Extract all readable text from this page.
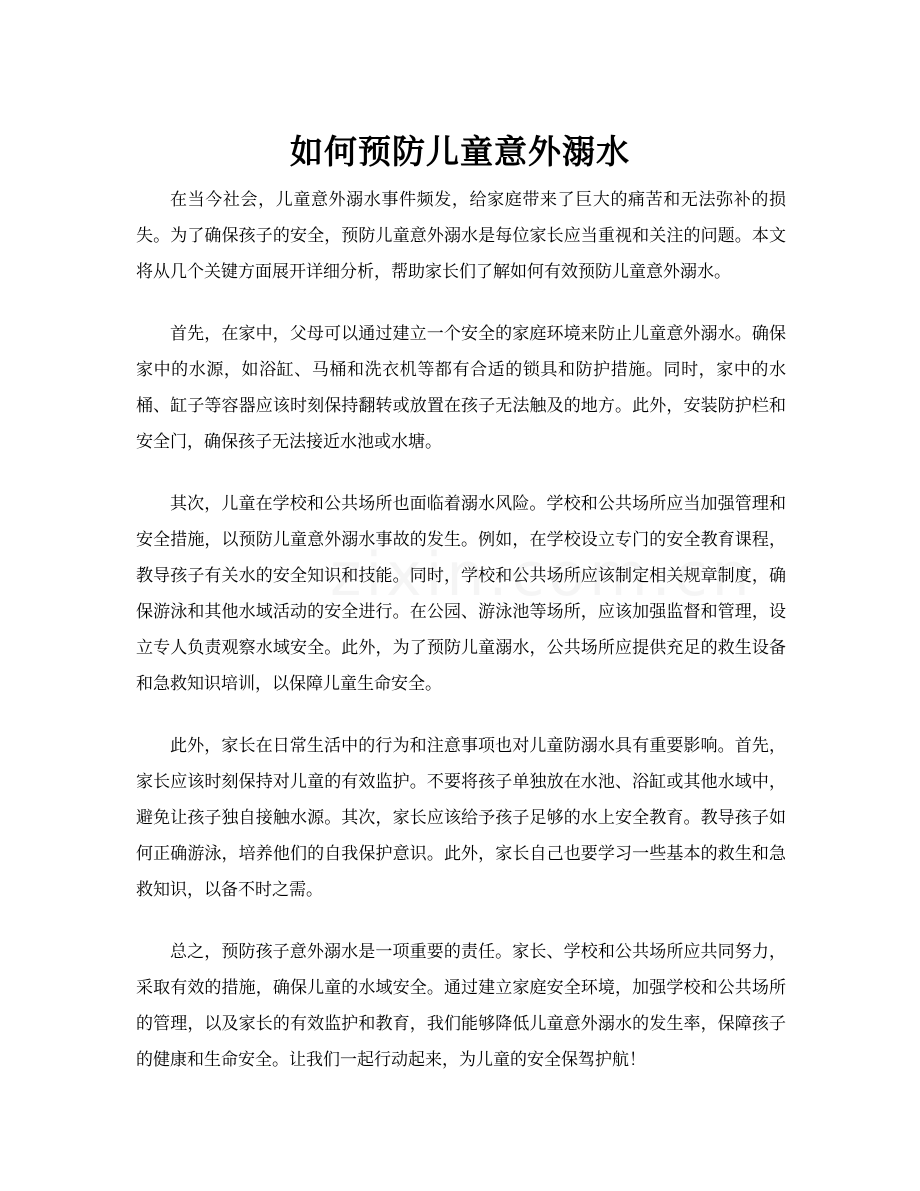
如何预防儿童意外溺水

在当今社会，儿童意外溺水事件频发，给家庭带来了巨大的痛苦和无法弥补的损失。为了确保孩子的安全，预防儿童意外溺水是每位家长应当重视和关注的问题。本文将从几个关键方面展开详细分析，帮助家长们了解如何有效预防儿童意外溺水。

首先，在家中，父母可以通过建立一个安全的家庭环境来防止儿童意外溺水。确保家中的水源，如浴缸、马桶和洗衣机等都有合适的锁具和防护措施。同时，家中的水桶、缸子等容器应该时刻保持翻转或放置在孩子无法触及的地方。此外，安装防护栏和安全门，确保孩子无法接近水池或水塘。

其次，儿童在学校和公共场所也面临着溺水风险。学校和公共场所应当加强管理和安全措施，以预防儿童意外溺水事故的发生。例如，在学校设立专门的安全教育课程，教导孩子有关水的安全知识和技能。同时，学校和公共场所应该制定相关规章制度，确保游泳和其他水域活动的安全进行。在公园、游泳池等场所，应该加强监督和管理，设立专人负责观察水域安全。此外，为了预防儿童溺水，公共场所应提供充足的救生设备和急救知识培训，以保障儿童生命安全。

此外，家长在日常生活中的行为和注意事项也对儿童防溺水具有重要影响。首先，家长应该时刻保持对儿童的有效监护。不要将孩子单独放在水池、浴缸或其他水域中，避免让孩子独自接触水源。其次，家长应该给予孩子足够的水上安全教育。教导孩子如何正确游泳，培养他们的自我保护意识。此外，家长自己也要学习一些基本的救生和急救知识，以备不时之需。

总之，预防孩子意外溺水是一项重要的责任。家长、学校和公共场所应共同努力，采取有效的措施，确保儿童的水域安全。通过建立家庭安全环境，加强学校和公共场所的管理，以及家长的有效监护和教育，我们能够降低儿童意外溺水的发生率，保障孩子的健康和生命安全。让我们一起行动起来，为儿童的安全保驾护航！
